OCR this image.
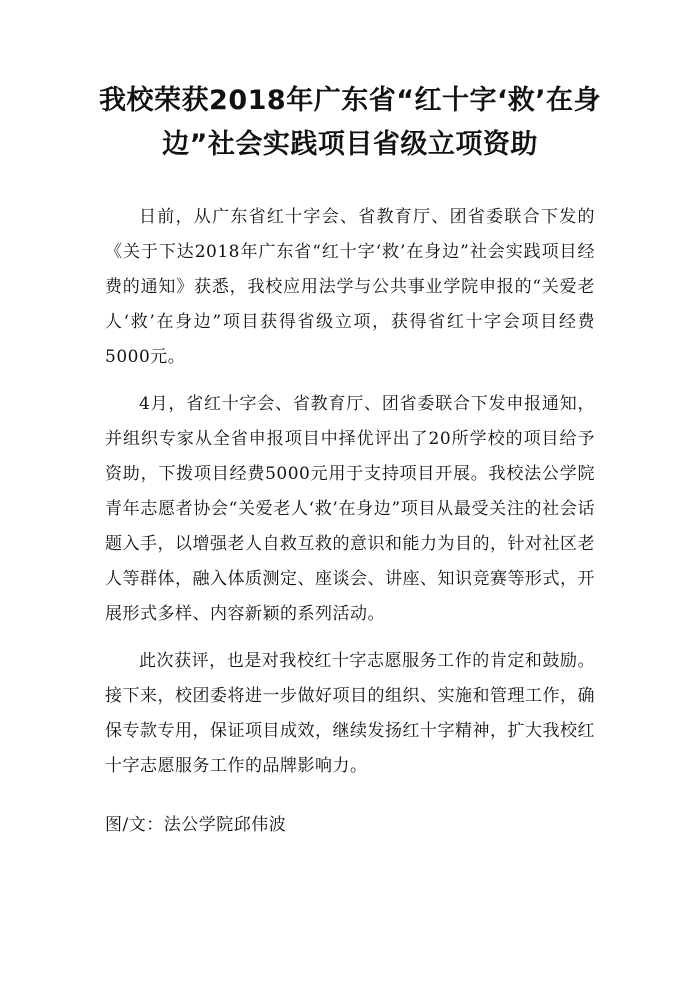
我校荣获2018年广东省“红十字‘救’在身边”社会实践项目省级立项资助

日前，从广东省红十字会、省教育厅、团省委联合下发的《关于下达2018年广东省“红十字‘救’在身边”社会实践项目经费的通知》获悉，我校应用法学与公共事业学院申报的“关爱老人‘救’在身边”项目获得省级立项，获得省红十字会项目经费5000元。

4月，省红十字会、省教育厅、团省委联合下发申报通知，并组织专家从全省申报项目中择优评出了20所学校的项目给予资助，下拨项目经费5000元用于支持项目开展。我校法公学院青年志愿者协会“关爱老人‘救’在身边”项目从最受关注的社会话题入手，以增强老人自救互救的意识和能力为目的，针对社区老人等群体，融入体质测定、座谈会、讲座、知识竞赛等形式，开展形式多样、内容新颖的系列活动。

此次获评，也是对我校红十字志愿服务工作的肯定和鼓励。接下来，校团委将进一步做好项目的组织、实施和管理工作，确保专款专用，保证项目成效，继续发扬红十字精神，扩大我校红十字志愿服务工作的品牌影响力。

图/文：法公学院邱伟波
